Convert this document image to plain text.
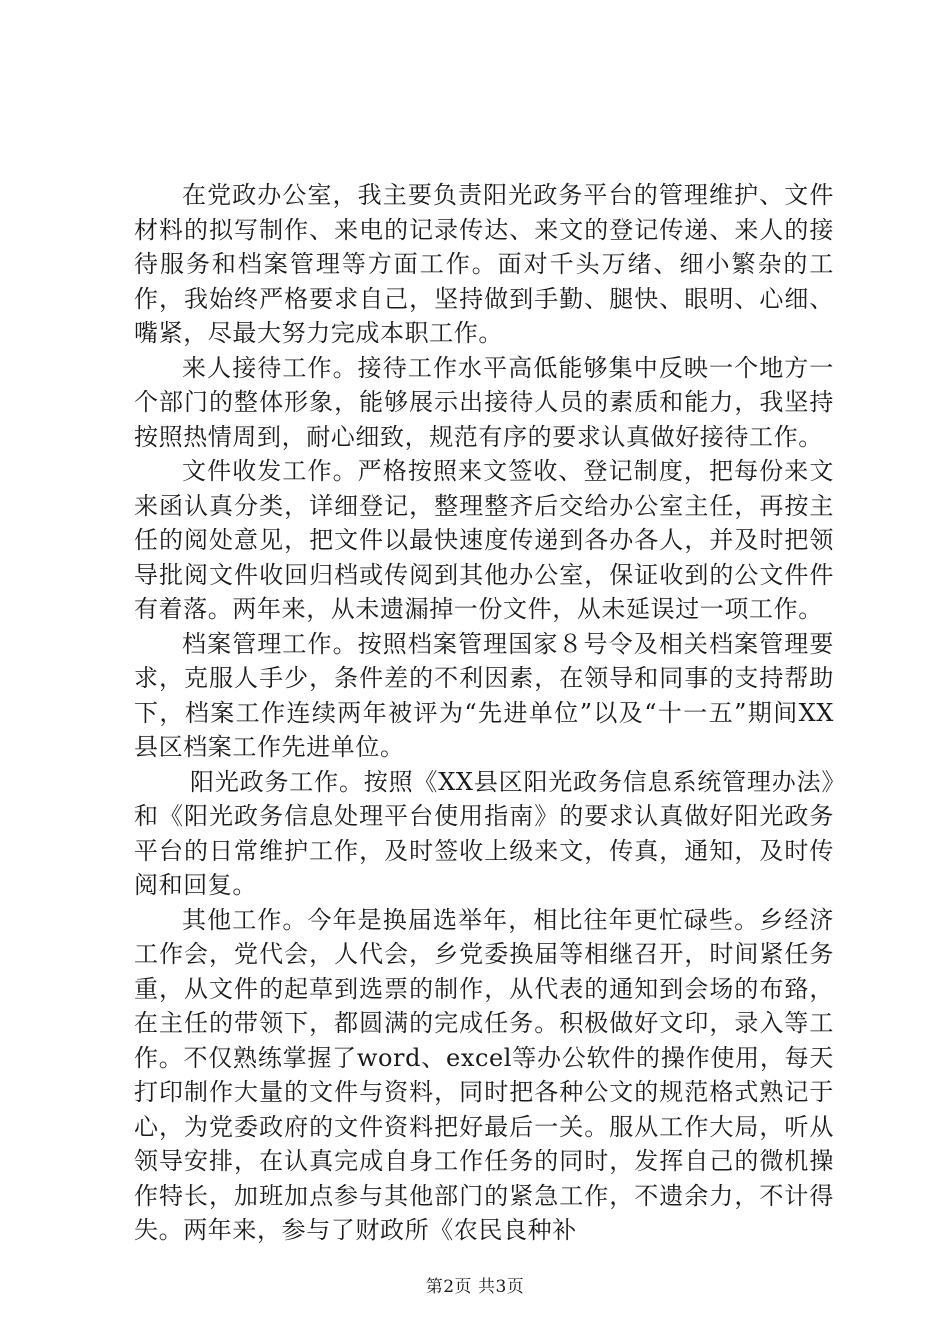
在党政办公室，我主要负责阳光政务平台的管理维护、文件材料的拟写制作、来电的记录传达、来文的登记传递、来人的接待服务和档案管理等方面工作。面对千头万绪、细小繁杂的工作，我始终严格要求自己，坚持做到手勤、腿快、眼明、心细、嘴紧，尽最大努力完成本职工作。

来人接待工作。接待工作水平高低能够集中反映一个地方一个部门的整体形象，能够展示出接待人员的素质和能力，我坚持按照热情周到，耐心细致，规范有序的要求认真做好接待工作。

文件收发工作。严格按照来文签收、登记制度，把每份来文来函认真分类，详细登记，整理整齐后交给办公室主任，再按主任的阅处意见，把文件以最快速度传递到各办各人，并及时把领导批阅文件收回归档或传阅到其他办公室，保证收到的公文件件有着落。两年来，从未遗漏掉一份文件，从未延误过一项工作。

档案管理工作。按照档案管理国家８号令及相关档案管理要求，克服人手少，条件差的不利因素，在领导和同事的支持帮助下，档案工作连续两年被评为“先进单位”以及“十一五”期间XX县区档案工作先进单位。

阳光政务工作。按照《XX县区阳光政务信息系统管理办法》和《阳光政务信息处理平台使用指南》的要求认真做好阳光政务平台的日常维护工作，及时签收上级来文，传真，通知，及时传阅和回复。

其他工作。今年是换届选举年，相比往年更忙碌些。乡经济工作会，党代会，人代会，乡党委换届等相继召开，时间紧任务重，从文件的起草到选票的制作，从代表的通知到会场的布臵，在主任的带领下，都圆满的完成任务。积极做好文印，录入等工作。不仅熟练掌握了word、excel等办公软件的操作使用，每天打印制作大量的文件与资料，同时把各种公文的规范格式熟记于心，为党委政府的文件资料把好最后一关。服从工作大局，听从领导安排，在认真完成自身工作任务的同时，发挥自己的微机操作特长，加班加点参与其他部门的紧急工作，不遗余力，不计得失。两年来，参与了财政所《农民良种补

第2页 共3页
